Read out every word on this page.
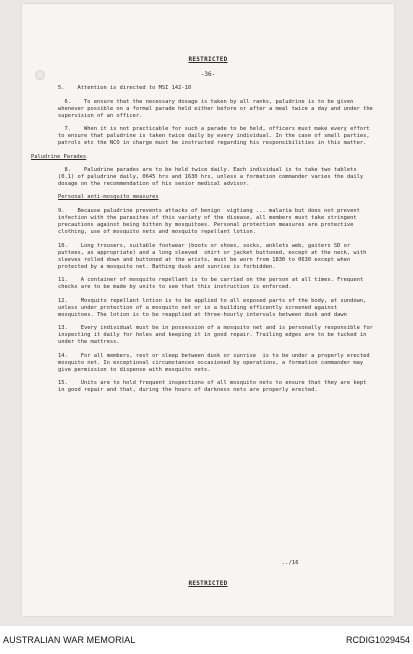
RESTRICTED
-36-
5. Attention is directed to MSI 142-10
6. To ensure that the necessary dosage is taken by all ranks, paludrine is to be given whenever possible on a formal parade held either before or after a meal twice a day and under the supervision of an officer.
7. When it is not practicable for such a parade to be held, officers must make every effort to ensure that paludrine is taken twice daily by every individual. In the case of small parties, patrols etc the NCO in charge must be instructed regarding his responsibilities in this matter.
Paludrine Parades
8. Paludrine parades are to be held twice daily. Each individual is to take two tablets (0.1) of paludrine daily, 0645 hrs and 1630 hrs, unless a formation commander varies the daily dosage on the recommendation of his senior medical advisor.
Personal anti-mosquito measures
9. Because paludrine prevents attacks of benign  vigtiang ... malaria but does not prevent infection with the parasites of this variety of the disease, all members must take stringent precautions against being bitten by mosquitoes. Personal protection measures are protective clothing, use of mosquito nets and mosquito repellant lotion.
10. Long trousers, suitable footwear (boots or shoes, socks, anklets web, gaiters SD or puttees, as appropriate) and a long sleeved  shirt or jacket buttoned, except at the neck, with sleeves rolled down and buttoned at the wrists, must be worn from 1830 to 0630 except when protected by a mosquito net. Bathing dusk and sunrise is forbidden.
11. A container of mosquito repellant is to be carried on the person at all times. Frequent checks are to be made by units to see that this instruction is enforced.
12. Mosquito repellant lotion is to be applied to all exposed parts of the body, at sundown, unless under protection of a mosquito net or in a building efficently screened against mosquitoes. The lotion is to be reapplied at three-hourly intervals between dusk and dawn
13. Every individual must be in possession of a mosquito net and is personally responsible for inspecting it daily for holes and keeping it in good repair. Trailing edges are to be tucked in under the mattress.
14. For all members, rest or sleep between dusk or sunrise  is to be under a properly erected mosquito net. In exceptional circumstances occasioned by operations, a formation commander may give permission to dispense with mosquito nets.
15. Units are to hold frequent inspections of all mosquito nets to ensure that they are kept in good repair and that, during the hours of darkness nets are properly erected.
../16
RESTRICTED
AUSTRALIAN WAR MEMORIAL	RCDIG1029454
